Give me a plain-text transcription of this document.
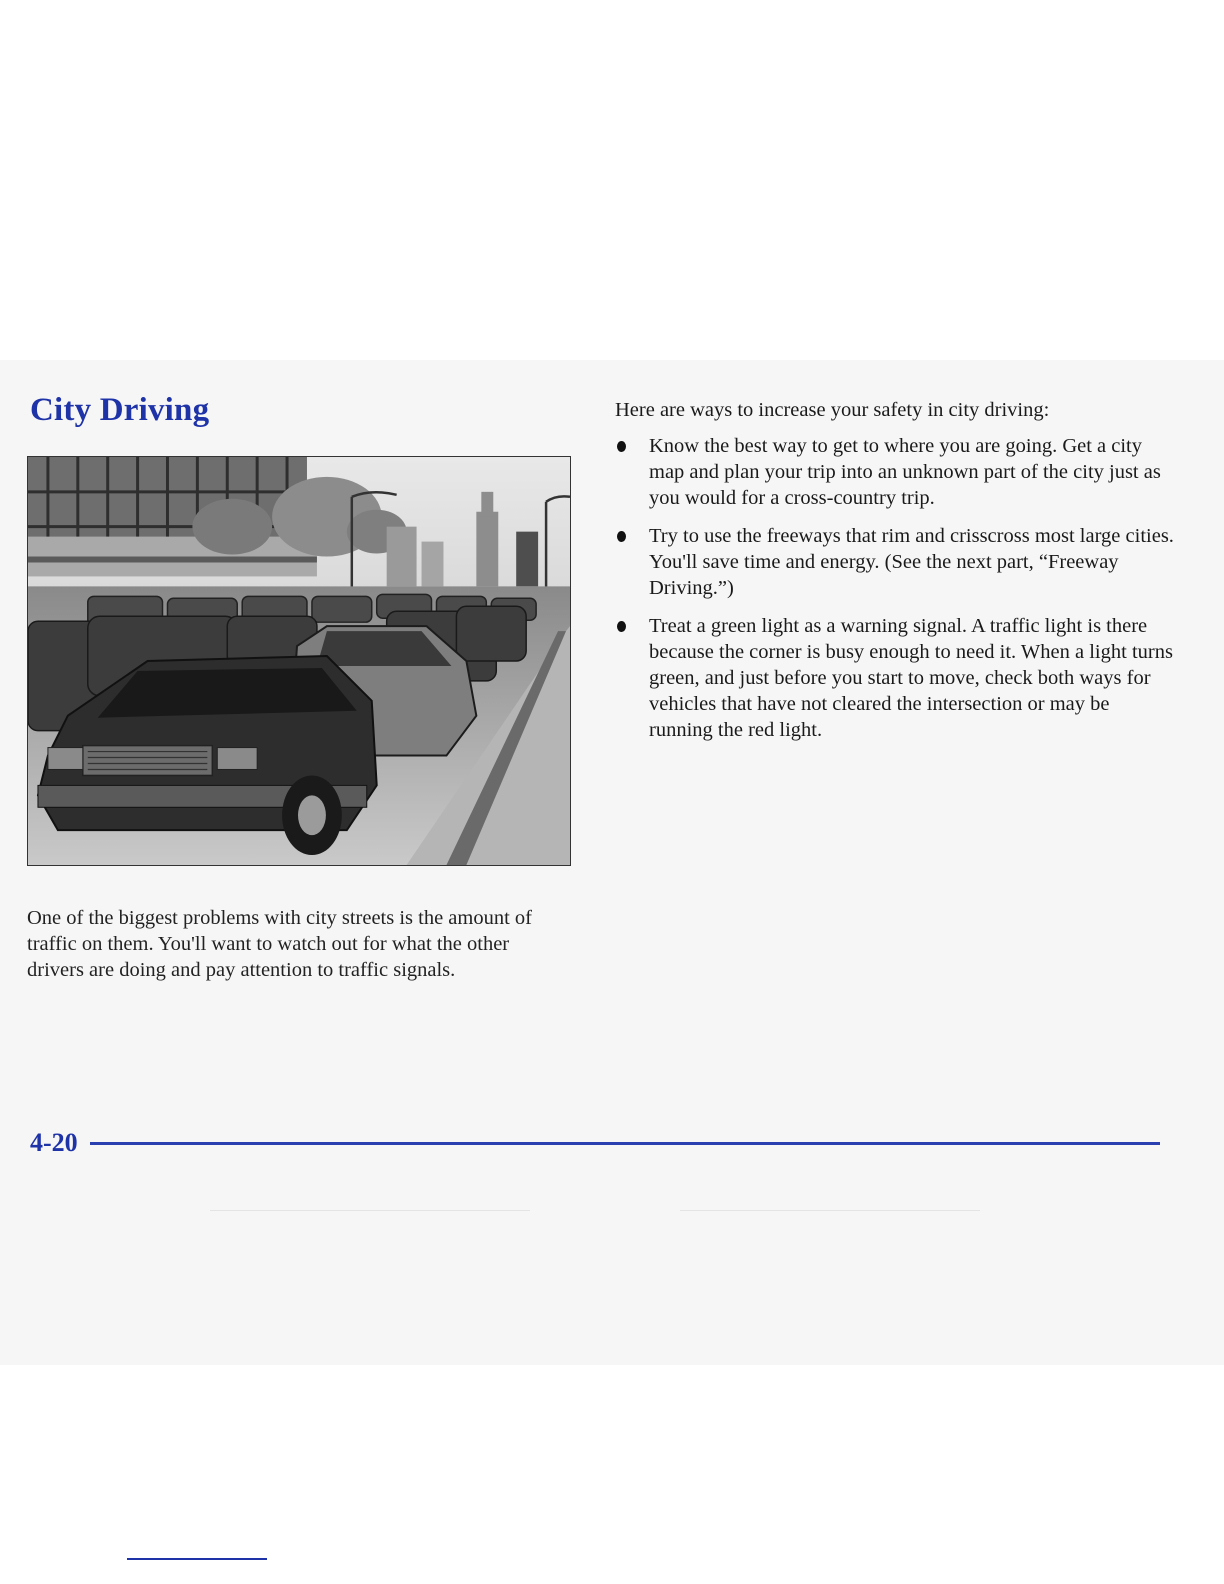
City Driving

One of the biggest problems with city streets is the amount of traffic on them. You'll want to watch out for what the other drivers are doing and pay attention to traffic signals.

Here are ways to increase your safety in city driving:

Know the best way to get to where you are going. Get a city map and plan your trip into an unknown part of the city just as you would for a cross-country trip.
Try to use the freeways that rim and crisscross most large cities. You'll save time and energy. (See the next part, “Freeway Driving.”)
Treat a green light as a warning signal. A traffic light is there because the corner is busy enough to need it. When a light turns green, and just before you start to move, check both ways for vehicles that have not cleared the intersection or may be running the red light.

4-20
